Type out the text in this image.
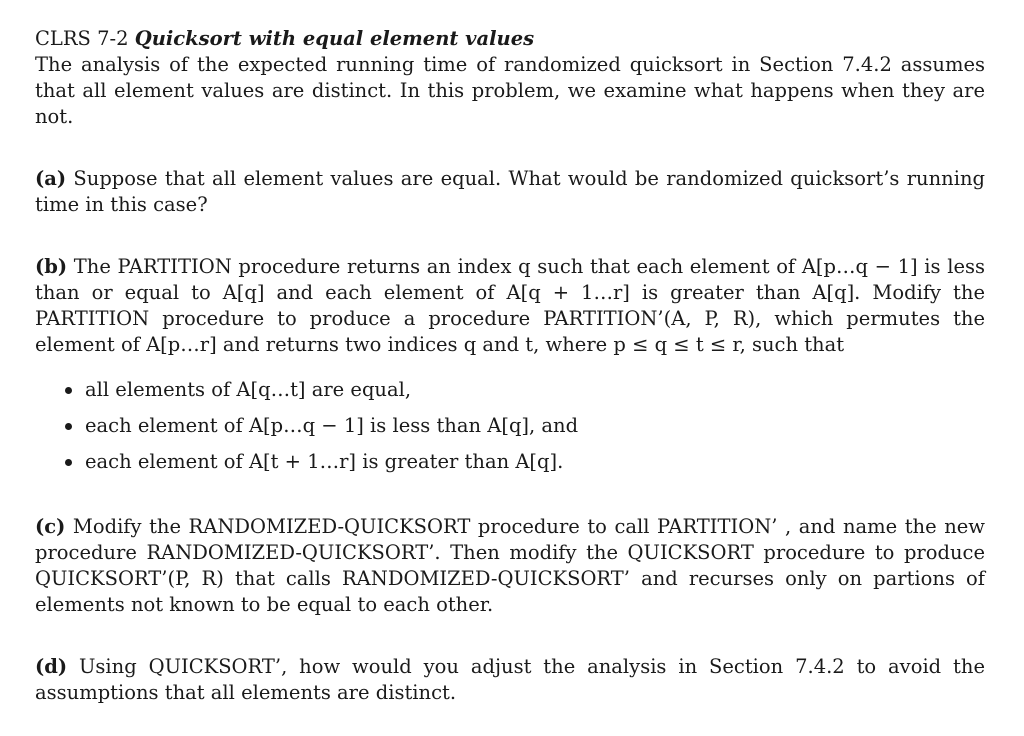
CLRS 7-2 Quicksort with equal element values

The analysis of the expected running time of randomized quicksort in Section 7.4.2 assumes that all element values are distinct. In this problem, we examine what happens when they are not.

(a) Suppose that all element values are equal. What would be randomized quicksort’s running time in this case?

(b) The PARTITION procedure returns an index q such that each element of A[p…q − 1] is less than or equal to A[q] and each element of A[q + 1…r] is greater than A[q]. Modify the PARTITION procedure to produce a procedure PARTITION’(A, P, R), which permutes the element of A[p…r] and returns two indices q and t, where p ≤ q ≤ t ≤ r, such that

all elements of A[q…t] are equal,
each element of A[p…q − 1] is less than A[q], and
each element of A[t + 1…r] is greater than A[q].

(c) Modify the RANDOMIZED-QUICKSORT procedure to call PARTITION’ , and name the new procedure RANDOMIZED-QUICKSORT’. Then modify the QUICKSORT procedure to produce QUICKSORT’(P, R) that calls RANDOMIZED-QUICKSORT’ and recurses only on partions of elements not known to be equal to each other.

(d) Using QUICKSORT’, how would you adjust the analysis in Section 7.4.2 to avoid the assumptions that all elements are distinct.
